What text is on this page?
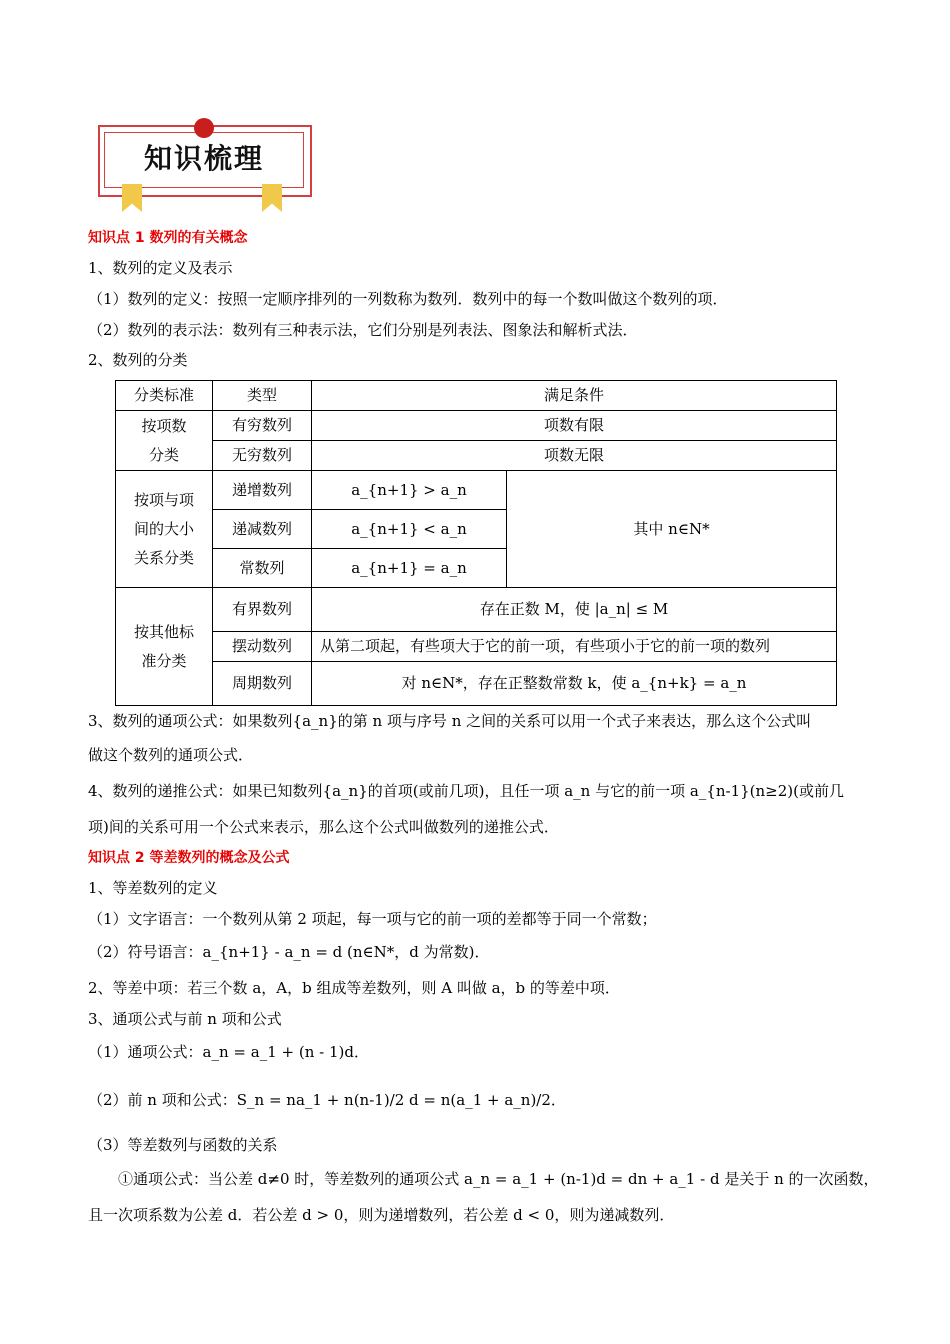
知识梳理
知识点 1 数列的有关概念
1、数列的定义及表示
（1）数列的定义：按照一定顺序排列的一列数称为数列．数列中的每一个数叫做这个数列的项．
（2）数列的表示法：数列有三种表示法，它们分别是列表法、图象法和解析式法．
2、数列的分类
分类标准	类型	满足条件	
按项数分类	有穷数列	项数有限	
	无穷数列	项数无限	
按项与项间的大小关系分类	递增数列	a_{n+1} > a_n	其中 n∈N*
	递减数列	a_{n+1} < a_n	
	常数列	a_{n+1} = a_n	
按其他标准分类	有界数列	存在正数 M，使 |a_n| ≤ M	
	摆动数列	从第二项起，有些项大于它的前一项，有些项小于它的前一项的数列	
	周期数列	对 n∈N*，存在正整数常数 k，使 a_{n+k} = a_n	
3、数列的通项公式：如果数列{a_n}的第 n 项与序号 n 之间的关系可以用一个式子来表达，那么这个公式叫
做这个数列的通项公式．
4、数列的递推公式：如果已知数列{a_n}的首项(或前几项)，且任一项 a_n 与它的前一项 a_{n-1}(n≥2)(或前几
项)间的关系可用一个公式来表示，那么这个公式叫做数列的递推公式．
知识点 2 等差数列的概念及公式
1、等差数列的定义
（1）文字语言：一个数列从第 2 项起，每一项与它的前一项的差都等于同一个常数；
（2）符号语言：a_{n+1} - a_n = d (n∈N*，d 为常数)．
2、等差中项：若三个数 a，A，b 组成等差数列，则 A 叫做 a，b 的等差中项．
3、通项公式与前 n 项和公式
（1）通项公式：a_n = a_1 + (n - 1)d．
（2）前 n 项和公式：S_n = na_1 + n(n-1)/2 d = n(a_1 + a_n)/2．
（3）等差数列与函数的关系
①通项公式：当公差 d≠0 时，等差数列的通项公式 a_n = a_1 + (n-1)d = dn + a_1 - d 是关于 n 的一次函数，
且一次项系数为公差 d．若公差 d > 0，则为递增数列，若公差 d < 0，则为递减数列．
